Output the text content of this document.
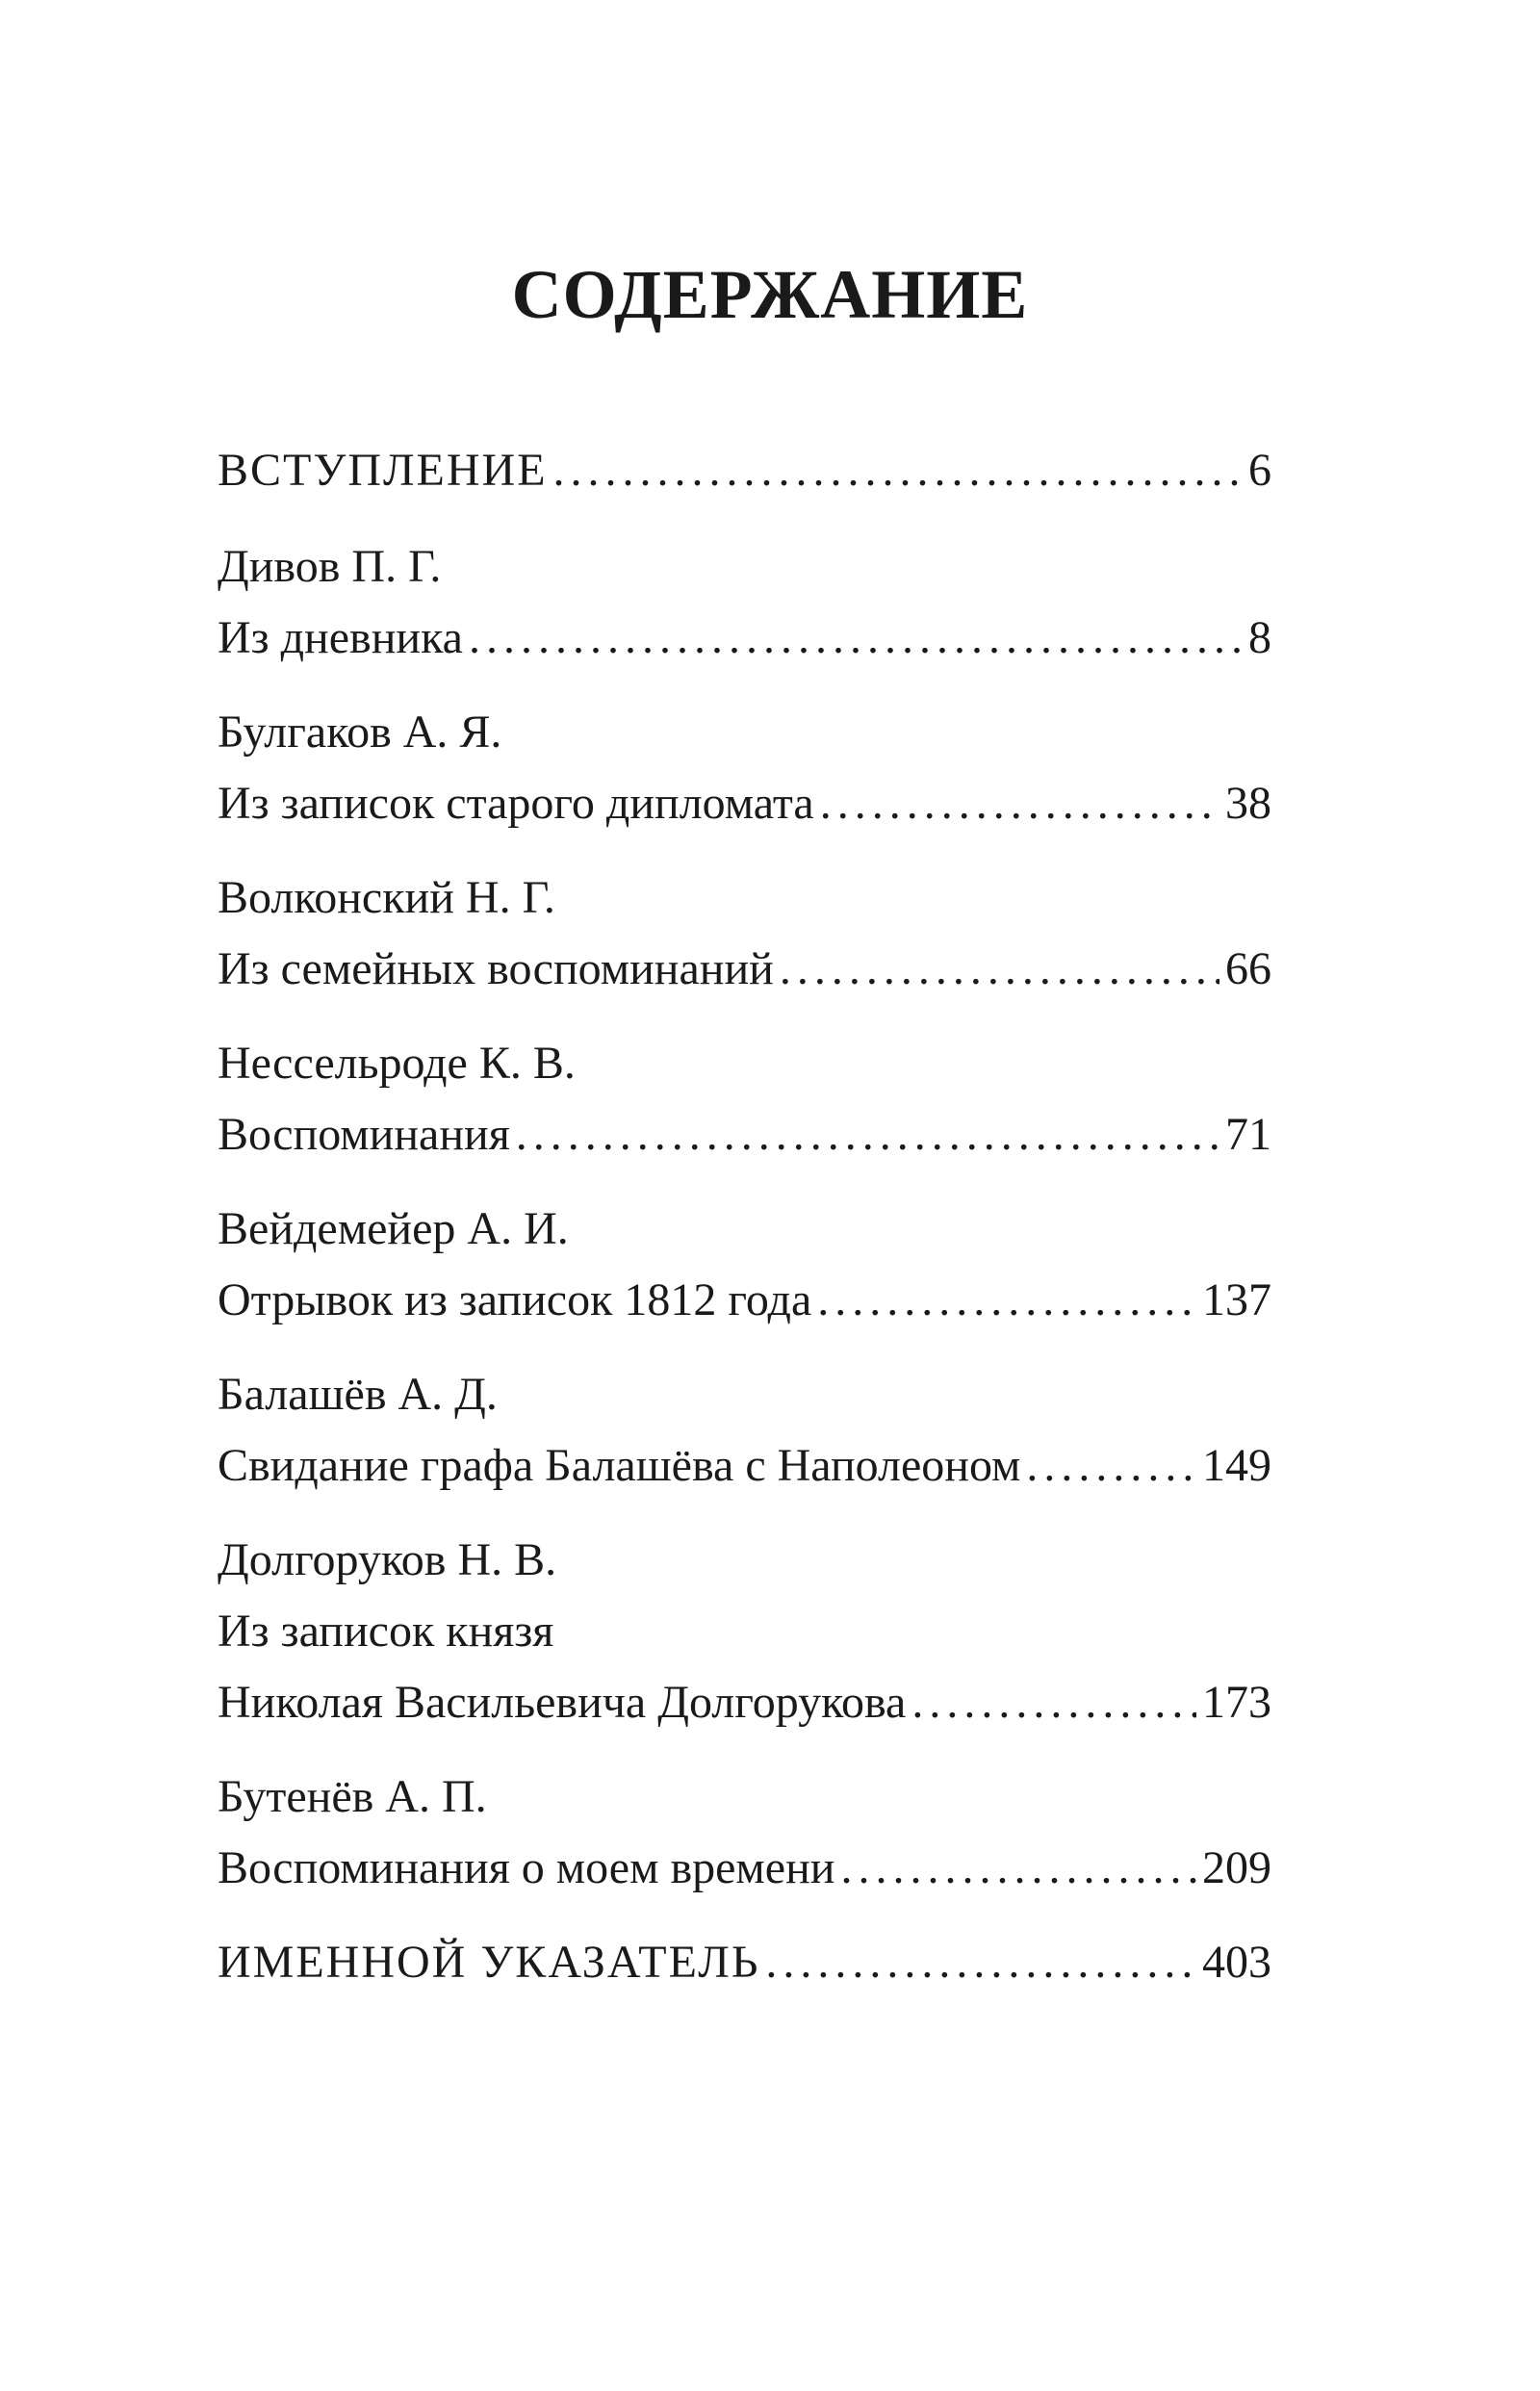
СОДЕРЖАНИЕ
ВСТУПЛЕНИЕ . . .	6
Дивов П. Г.
Из дневника . . .	8
Булгаков А. Я.
Из записок старого дипломата . . .	38
Волконский Н. Г.
Из семейных воспоминаний . . .	66
Нессельроде К. В.
Воспоминания . . .	71
Вейдемейер А. И.
Отрывок из записок 1812 года . . .	137
Балашёв А. Д.
Свидание графа Балашёва с Наполеоном . . .	149
Долгоруков Н. В.
Из записок князя
Николая Васильевича Долгорукова . . .	173
Бутенёв А. П.
Воспоминания о моем времени . . .	209
ИМЕННОЙ УКАЗАТЕЛЬ . . .	403
